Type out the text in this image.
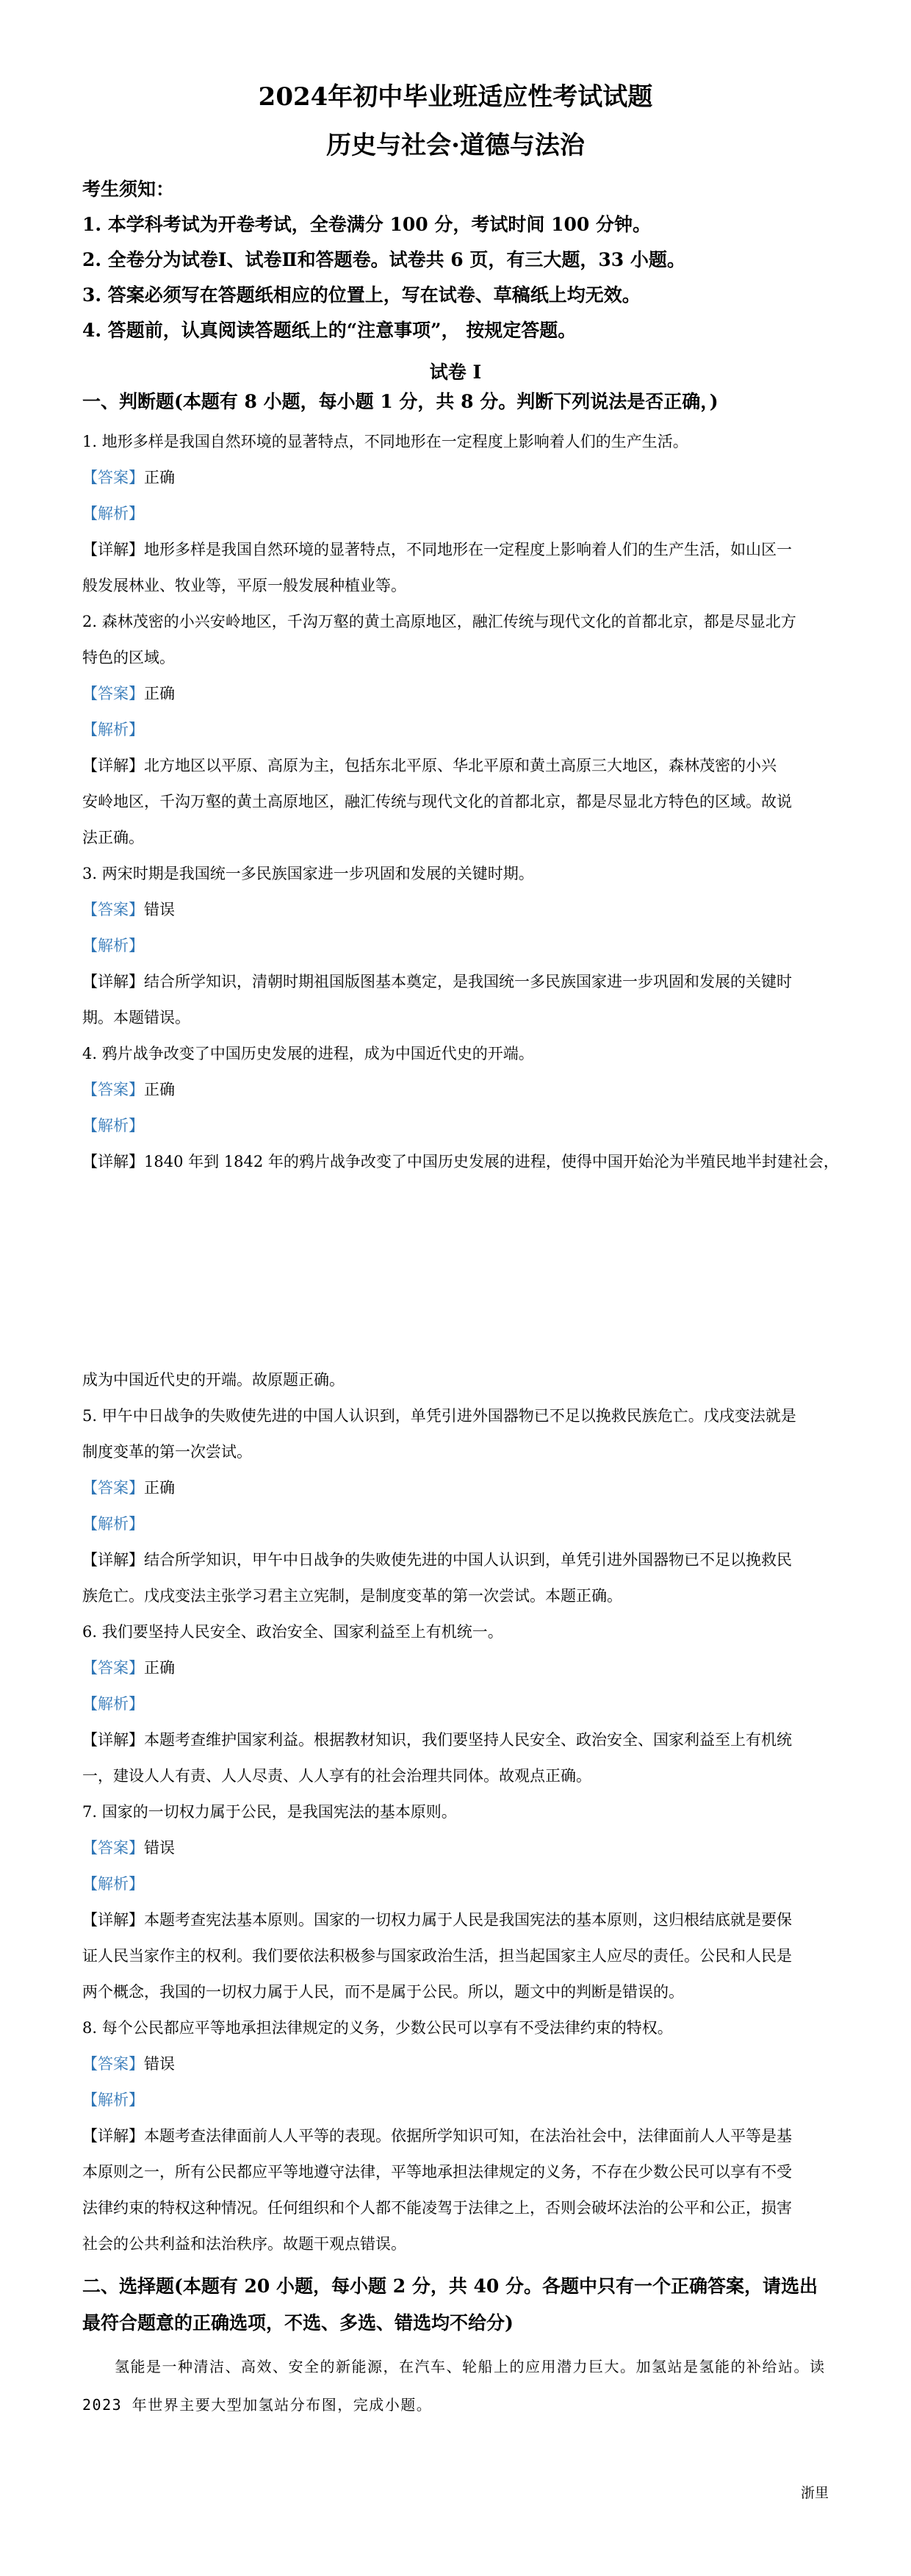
2024年初中毕业班适应性考试试题
历史与社会·道德与法治
考生须知：
1. 本学科考试为开卷考试，全卷满分 100 分，考试时间 100 分钟。
2. 全卷分为试卷Ⅰ、试卷Ⅱ和答题卷。试卷共 6 页，有三大题，33 小题。
3. 答案必须写在答题纸相应的位置上，写在试卷、草稿纸上均无效。
4. 答题前，认真阅读答题纸上的“注意事项”， 按规定答题。
试卷 Ⅰ
一、判断题(本题有 8 小题，每小题 1 分，共 8 分。判断下列说法是否正确，)
1. 地形多样是我国自然环境的显著特点，不同地形在一定程度上影响着人们的生产生活。
【答案】正确
【解析】
【详解】地形多样是我国自然环境的显著特点，不同地形在一定程度上影响着人们的生产生活，如山区一
般发展林业、牧业等，平原一般发展种植业等。
2. 森林茂密的小兴安岭地区，千沟万壑的黄土高原地区，融汇传统与现代文化的首都北京，都是尽显北方
特色的区域。
【答案】正确
【解析】
【详解】北方地区以平原、高原为主，包括东北平原、华北平原和黄土高原三大地区，森林茂密的小兴
安岭地区，千沟万壑的黄土高原地区，融汇传统与现代文化的首都北京，都是尽显北方特色的区域。故说
法正确。
3. 两宋时期是我国统一多民族国家进一步巩固和发展的关键时期。
【答案】错误
【解析】
【详解】结合所学知识，清朝时期祖国版图基本奠定，是我国统一多民族国家进一步巩固和发展的关键时
期。本题错误。
4. 鸦片战争改变了中国历史发展的进程，成为中国近代史的开端。
【答案】正确
【解析】
【详解】1840 年到 1842 年的鸦片战争改变了中国历史发展的进程，使得中国开始沦为半殖民地半封建社会，
成为中国近代史的开端。故原题正确。
5. 甲午中日战争的失败使先进的中国人认识到，单凭引进外国器物已不足以挽救民族危亡。戊戌变法就是
制度变革的第一次尝试。
【答案】正确
【解析】
【详解】结合所学知识，甲午中日战争的失败使先进的中国人认识到，单凭引进外国器物已不足以挽救民
族危亡。戊戌变法主张学习君主立宪制，是制度变革的第一次尝试。本题正确。
6. 我们要坚持人民安全、政治安全、国家利益至上有机统一。
【答案】正确
【解析】
【详解】本题考查维护国家利益。根据教材知识，我们要坚持人民安全、政治安全、国家利益至上有机统
一，建设人人有责、人人尽责、人人享有的社会治理共同体。故观点正确。
7. 国家的一切权力属于公民，是我国宪法的基本原则。
【答案】错误
【解析】
【详解】本题考查宪法基本原则。国家的一切权力属于人民是我国宪法的基本原则，这归根结底就是要保
证人民当家作主的权利。我们要依法积极参与国家政治生活，担当起国家主人应尽的责任。公民和人民是
两个概念，我国的一切权力属于人民，而不是属于公民。所以，题文中的判断是错误的。
8. 每个公民都应平等地承担法律规定的义务，少数公民可以享有不受法律约束的特权。
【答案】错误
【解析】
【详解】本题考查法律面前人人平等的表现。依据所学知识可知，在法治社会中，法律面前人人平等是基
本原则之一，所有公民都应平等地遵守法律，平等地承担法律规定的义务，不存在少数公民可以享有不受
法律约束的特权这种情况。任何组织和个人都不能凌驾于法律之上，否则会破坏法治的公平和公正，损害
社会的公共利益和法治秩序。故题干观点错误。
二、选择题(本题有 20 小题，每小题 2 分，共 40 分。各题中只有一个正确答案，请选出最符合题意的正确选项，不选、多选、错选均不给分)
氢能是一种清洁、高效、安全的新能源，在汽车、轮船上的应用潜力巨大。加氢站是氢能的补给站。读 2023 年世界主要大型加氢站分布图，完成小题。
浙里
